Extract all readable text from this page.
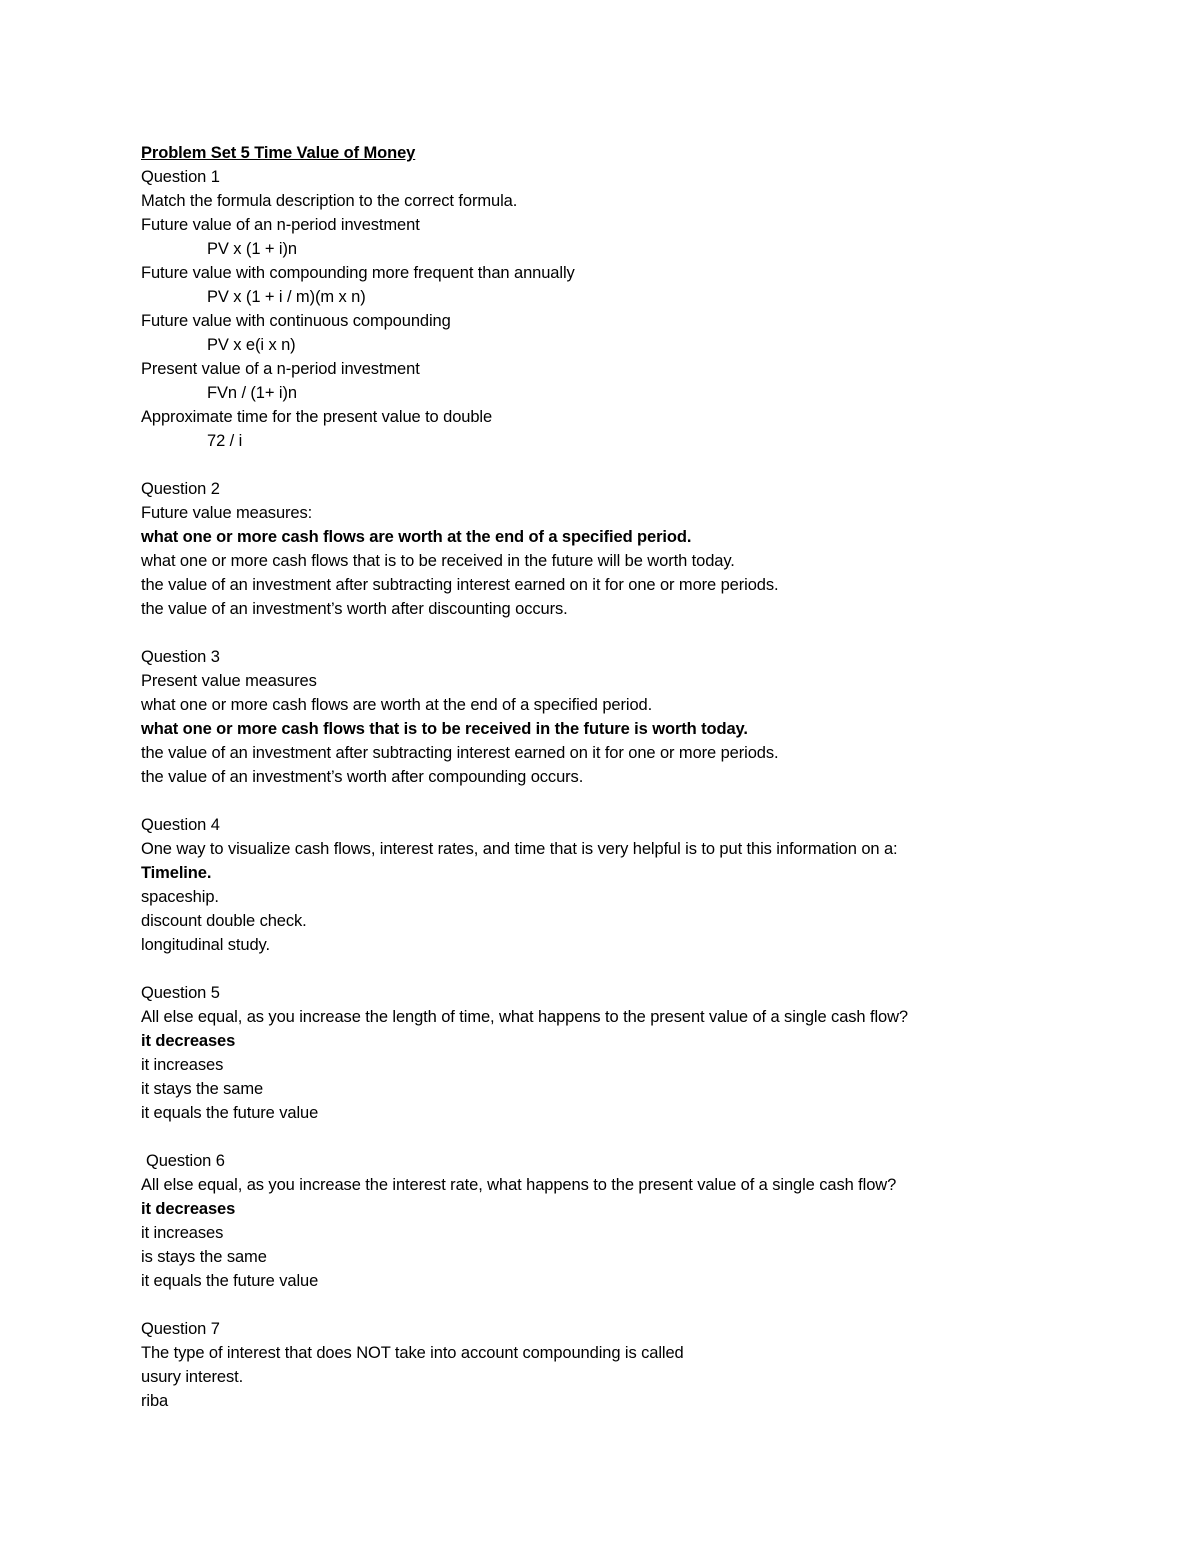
Problem Set 5 Time Value of Money
Question 1
Match the formula description to the correct formula.
Future value of an n-period investment
PV x (1 + i)n
Future value with compounding more frequent than annually
PV x (1 + i / m)(m x n)
Future value with continuous compounding
PV x e(i x n)
Present value of a n-period investment
FVn / (1+ i)n
Approximate time for the present value to double
72 / i
Question 2
Future value measures:
what one or more cash flows are worth at the end of a specified period.
what one or more cash flows that is to be received in the future will be worth today.
the value of an investment after subtracting interest earned on it for one or more periods.
the value of an investment’s worth after discounting occurs.
Question 3
Present value measures
what one or more cash flows are worth at the end of a specified period.
what one or more cash flows that is to be received in the future is worth today.
the value of an investment after subtracting interest earned on it for one or more periods.
the value of an investment’s worth after compounding occurs.
Question 4
One way to visualize cash flows, interest rates, and time that is very helpful is to put this information on a:
Timeline.
spaceship.
discount double check.
longitudinal study.
Question 5
All else equal, as you increase the length of time, what happens to the present value of a single cash flow?
it decreases
it increases
it stays the same
it equals the future value
Question 6
All else equal, as you increase the interest rate, what happens to the present value of a single cash flow?
it decreases
it increases
is stays the same
it equals the future value
Question 7
The type of interest that does NOT take into account compounding is called
usury interest.
riba
